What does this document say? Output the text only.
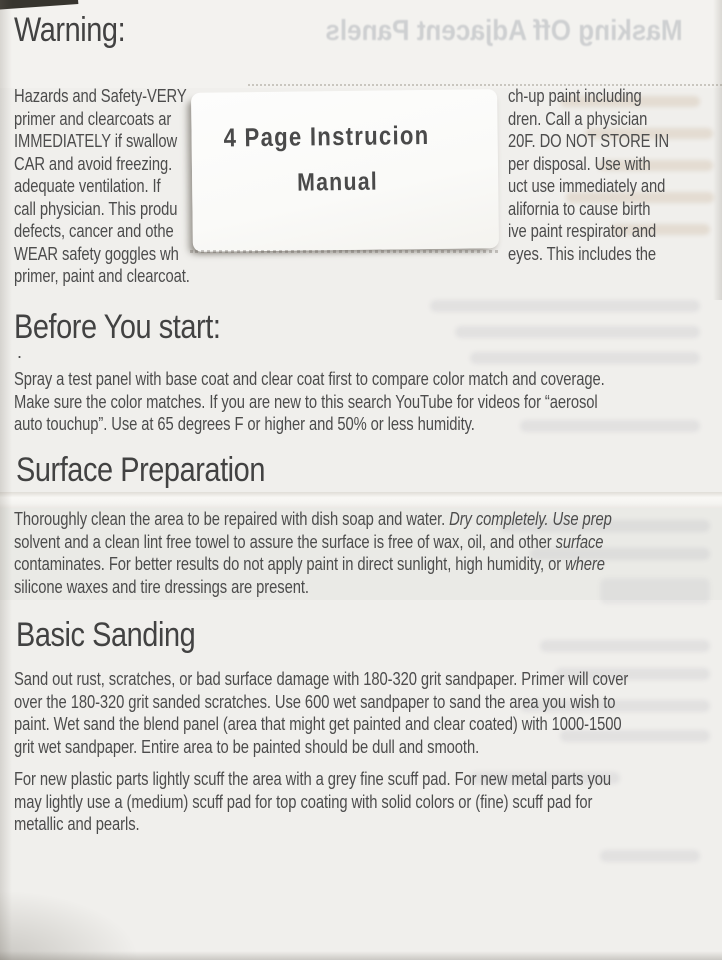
Masking Off Adjacent Panels
Warning:
Hazards and Safety-VERY	ch-up paint including
primer and clearcoats ar	dren. Call a physician
IMMEDIATELY if swallow	20F. DO NOT STORE IN
CAR and avoid freezing.	per disposal. Use with
adequate ventilation. If	uct use immediately and
call physician. This produ	alifornia to cause birth
defects, cancer and othe	ive paint respirator and
WEAR safety goggles wh	eyes. This includes the
primer, paint and clearcoat.
4 Page Instrucion
Manual
Before You start:
.
Spray a test panel with base coat and clear coat first to compare color match and coverage.
Make sure the color matches. If you are new to this search YouTube for videos for “aerosol
auto touchup”. Use at 65 degrees F or higher and 50% or less humidity.
Surface Preparation
Thoroughly clean the area to be repaired with dish soap and water. Dry completely. Use prep
solvent and a clean lint free towel to assure the surface is free of wax, oil, and other surface
contaminates. For better results do not apply paint in direct sunlight, high humidity, or where
silicone waxes and tire dressings are present.
Basic Sanding
Sand out rust, scratches, or bad surface damage with 180-320 grit sandpaper. Primer will cover
over the 180-320 grit sanded scratches. Use 600 wet sandpaper to sand the area you wish to
paint. Wet sand the blend panel (area that might get painted and clear coated) with 1000-1500
grit wet sandpaper. Entire area to be painted should be dull and smooth.
For new plastic parts lightly scuff the area with a grey fine scuff pad. For new metal parts you
may lightly use a (medium) scuff pad for top coating with solid colors or (fine) scuff pad for
metallic and pearls.
